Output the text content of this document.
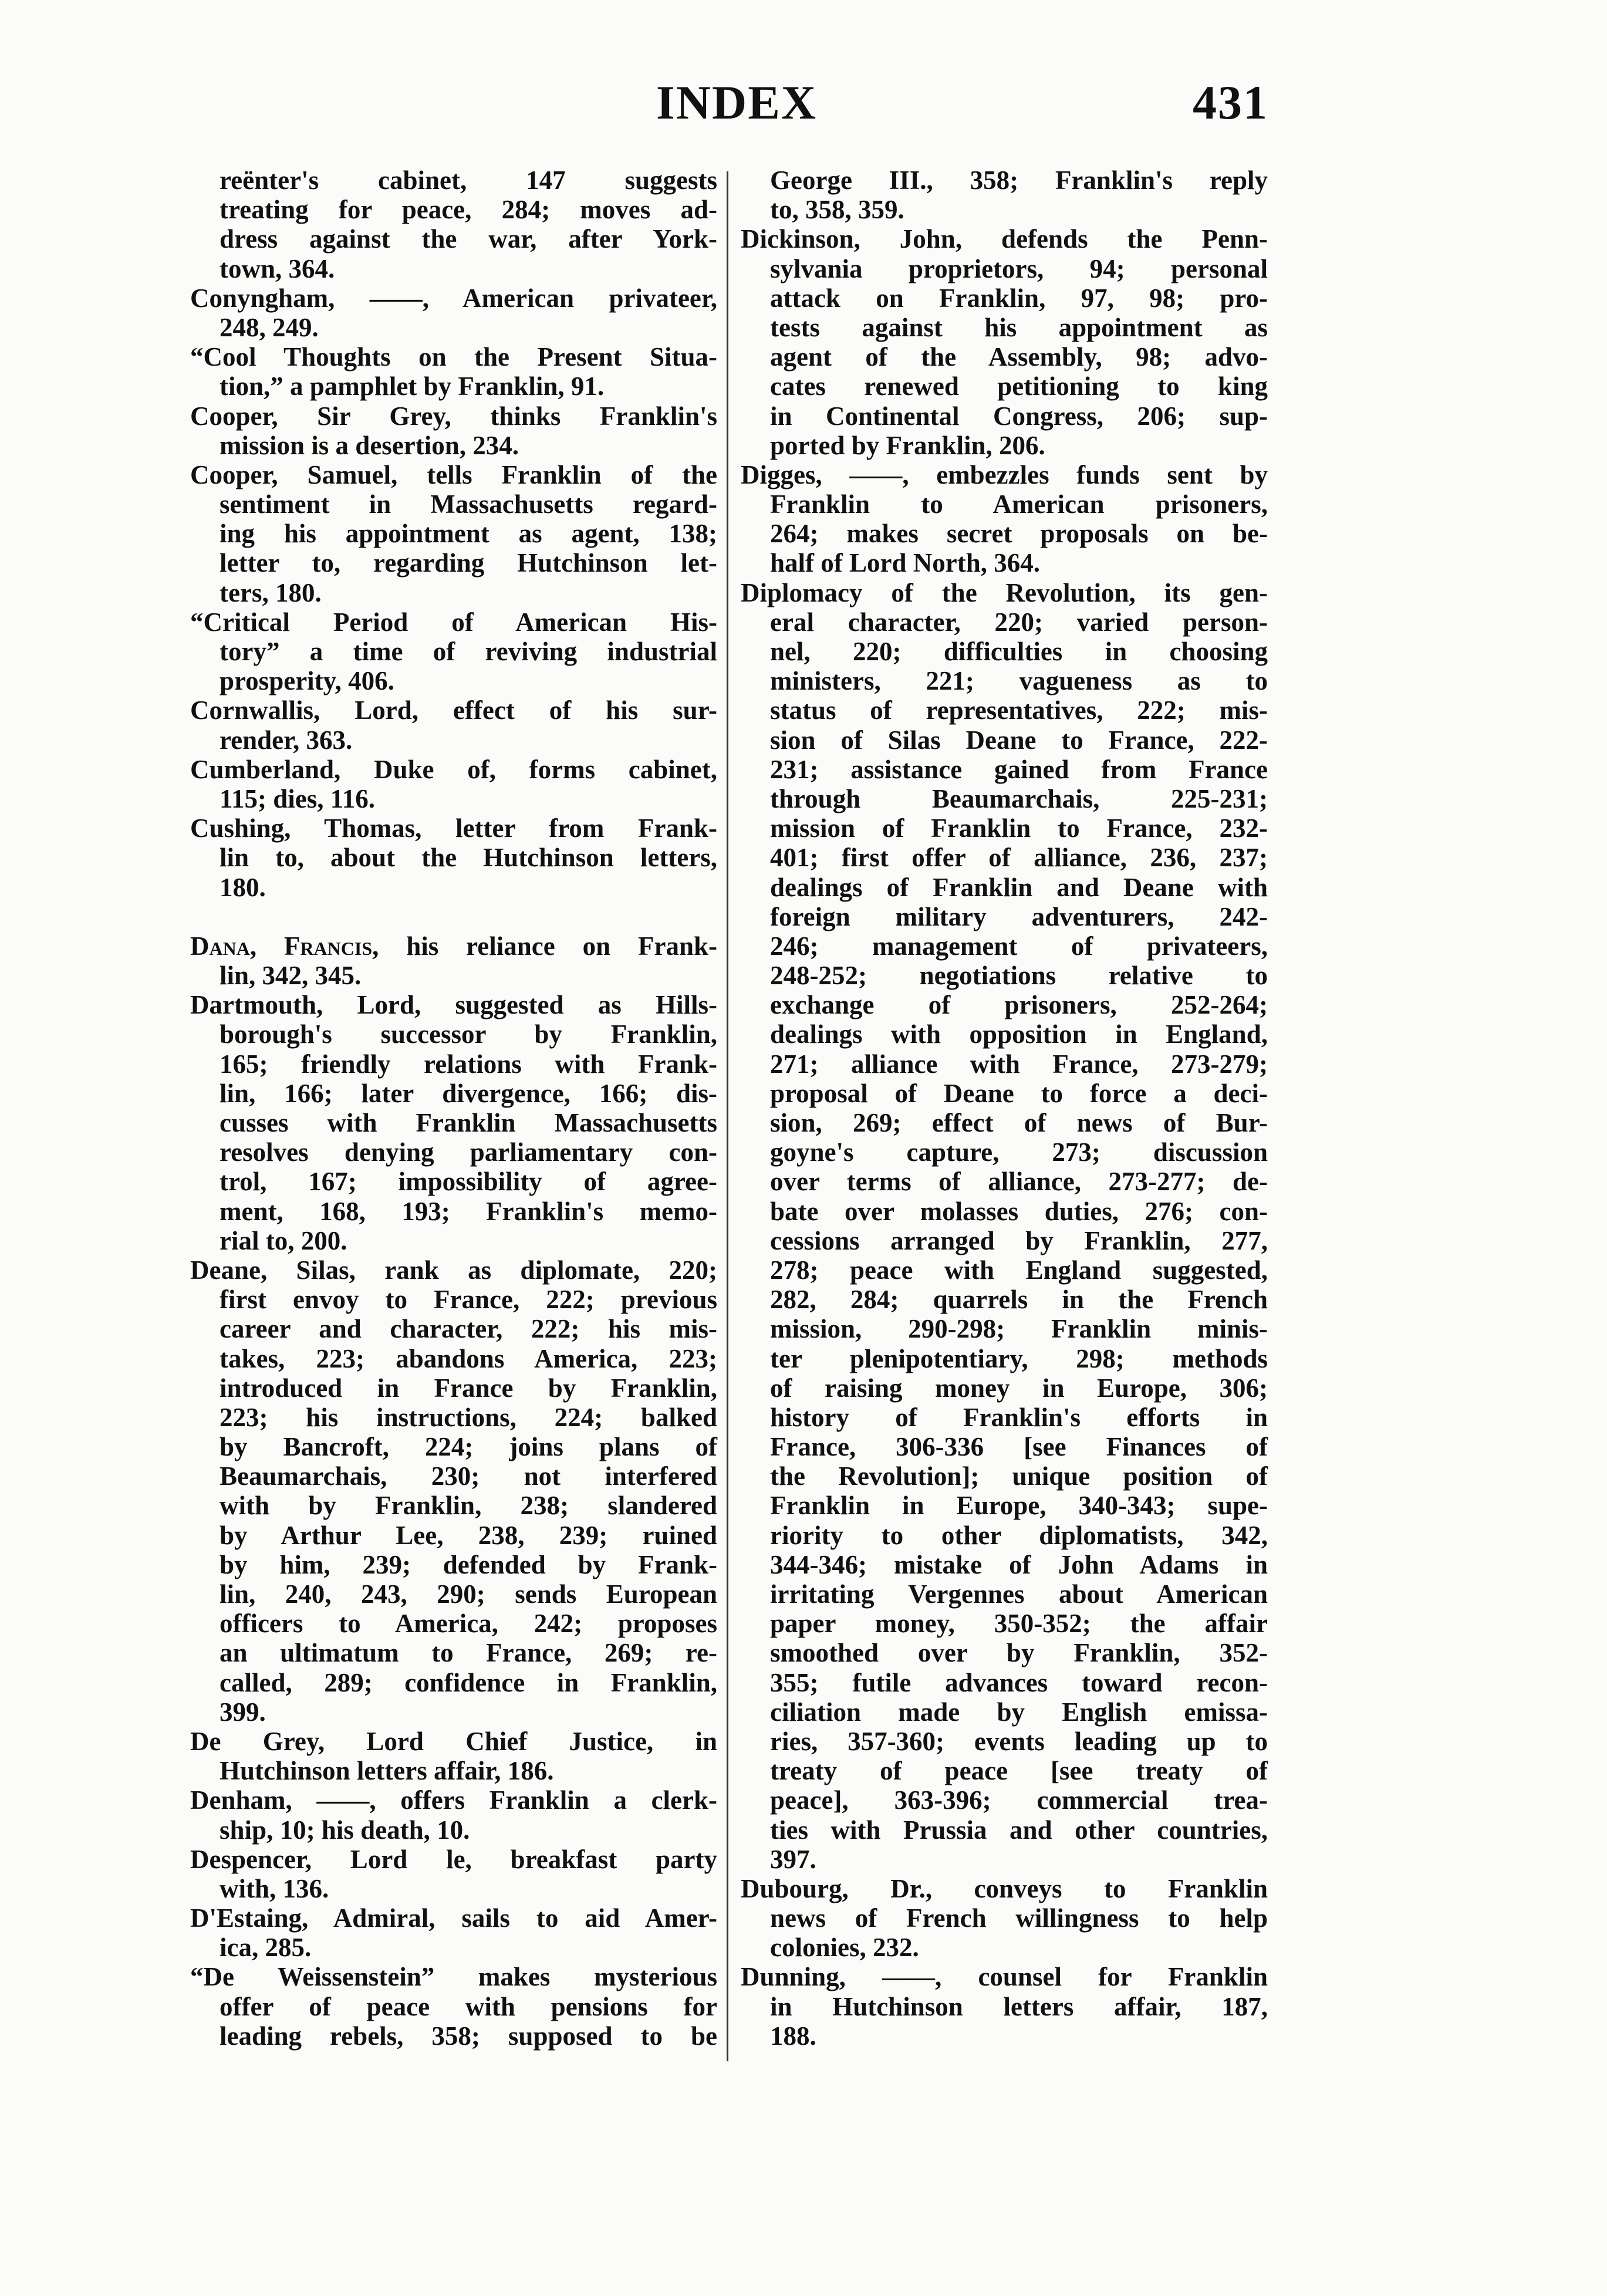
INDEX	431
reënter's cabinet, 147 suggests
treating for peace, 284; moves ad-
dress against the war, after York-
town, 364.
Conyngham, ——, American privateer,
248, 249.
“Cool Thoughts on the Present Situa-
tion,” a pamphlet by Franklin, 91.
Cooper, Sir Grey, thinks Franklin's
mission is a desertion, 234.
Cooper, Samuel, tells Franklin of the
sentiment in Massachusetts regard-
ing his appointment as agent, 138;
letter to, regarding Hutchinson let-
ters, 180.
“Critical Period of American His-
tory” a time of reviving industrial
prosperity, 406.
Cornwallis, Lord, effect of his sur-
render, 363.
Cumberland, Duke of, forms cabinet,
115; dies, 116.
Cushing, Thomas, letter from Frank-
lin to, about the Hutchinson letters,
180.
Dana, Francis, his reliance on Frank-
lin, 342, 345.
Dartmouth, Lord, suggested as Hills-
borough's successor by Franklin,
165; friendly relations with Frank-
lin, 166; later divergence, 166; dis-
cusses with Franklin Massachusetts
resolves denying parliamentary con-
trol, 167; impossibility of agree-
ment, 168, 193; Franklin's memo-
rial to, 200.
Deane, Silas, rank as diplomate, 220;
first envoy to France, 222; previous
career and character, 222; his mis-
takes, 223; abandons America, 223;
introduced in France by Franklin,
223; his instructions, 224; balked
by Bancroft, 224; joins plans of
Beaumarchais, 230; not interfered
with by Franklin, 238; slandered
by Arthur Lee, 238, 239; ruined
by him, 239; defended by Frank-
lin, 240, 243, 290; sends European
officers to America, 242; proposes
an ultimatum to France, 269; re-
called, 289; confidence in Franklin,
399.
De Grey, Lord Chief Justice, in
Hutchinson letters affair, 186.
Denham, ——, offers Franklin a clerk-
ship, 10; his death, 10.
Despencer, Lord le, breakfast party
with, 136.
D'Estaing, Admiral, sails to aid Amer-
ica, 285.
“De Weissenstein” makes mysterious
offer of peace with pensions for
leading rebels, 358; supposed to be
George III., 358; Franklin's reply
to, 358, 359.
Dickinson, John, defends the Penn-
sylvania proprietors, 94; personal
attack on Franklin, 97, 98; pro-
tests against his appointment as
agent of the Assembly, 98; advo-
cates renewed petitioning to king
in Continental Congress, 206; sup-
ported by Franklin, 206.
Digges, ——, embezzles funds sent by
Franklin to American prisoners,
264; makes secret proposals on be-
half of Lord North, 364.
Diplomacy of the Revolution, its gen-
eral character, 220; varied person-
nel, 220; difficulties in choosing
ministers, 221; vagueness as to
status of representatives, 222; mis-
sion of Silas Deane to France, 222-
231; assistance gained from France
through Beaumarchais, 225-231;
mission of Franklin to France, 232-
401; first offer of alliance, 236, 237;
dealings of Franklin and Deane with
foreign military adventurers, 242-
246; management of privateers,
248-252; negotiations relative to
exchange of prisoners, 252-264;
dealings with opposition in England,
271; alliance with France, 273-279;
proposal of Deane to force a deci-
sion, 269; effect of news of Bur-
goyne's capture, 273; discussion
over terms of alliance, 273-277; de-
bate over molasses duties, 276; con-
cessions arranged by Franklin, 277,
278; peace with England suggested,
282, 284; quarrels in the French
mission, 290-298; Franklin minis-
ter plenipotentiary, 298; methods
of raising money in Europe, 306;
history of Franklin's efforts in
France, 306-336 [see Finances of
the Revolution]; unique position of
Franklin in Europe, 340-343; supe-
riority to other diplomatists, 342,
344-346; mistake of John Adams in
irritating Vergennes about American
paper money, 350-352; the affair
smoothed over by Franklin, 352-
355; futile advances toward recon-
ciliation made by English emissa-
ries, 357-360; events leading up to
treaty of peace [see treaty of
peace], 363-396; commercial trea-
ties with Prussia and other countries,
397.
Dubourg, Dr., conveys to Franklin
news of French willingness to help
colonies, 232.
Dunning, ——, counsel for Franklin
in Hutchinson letters affair, 187,
188.
